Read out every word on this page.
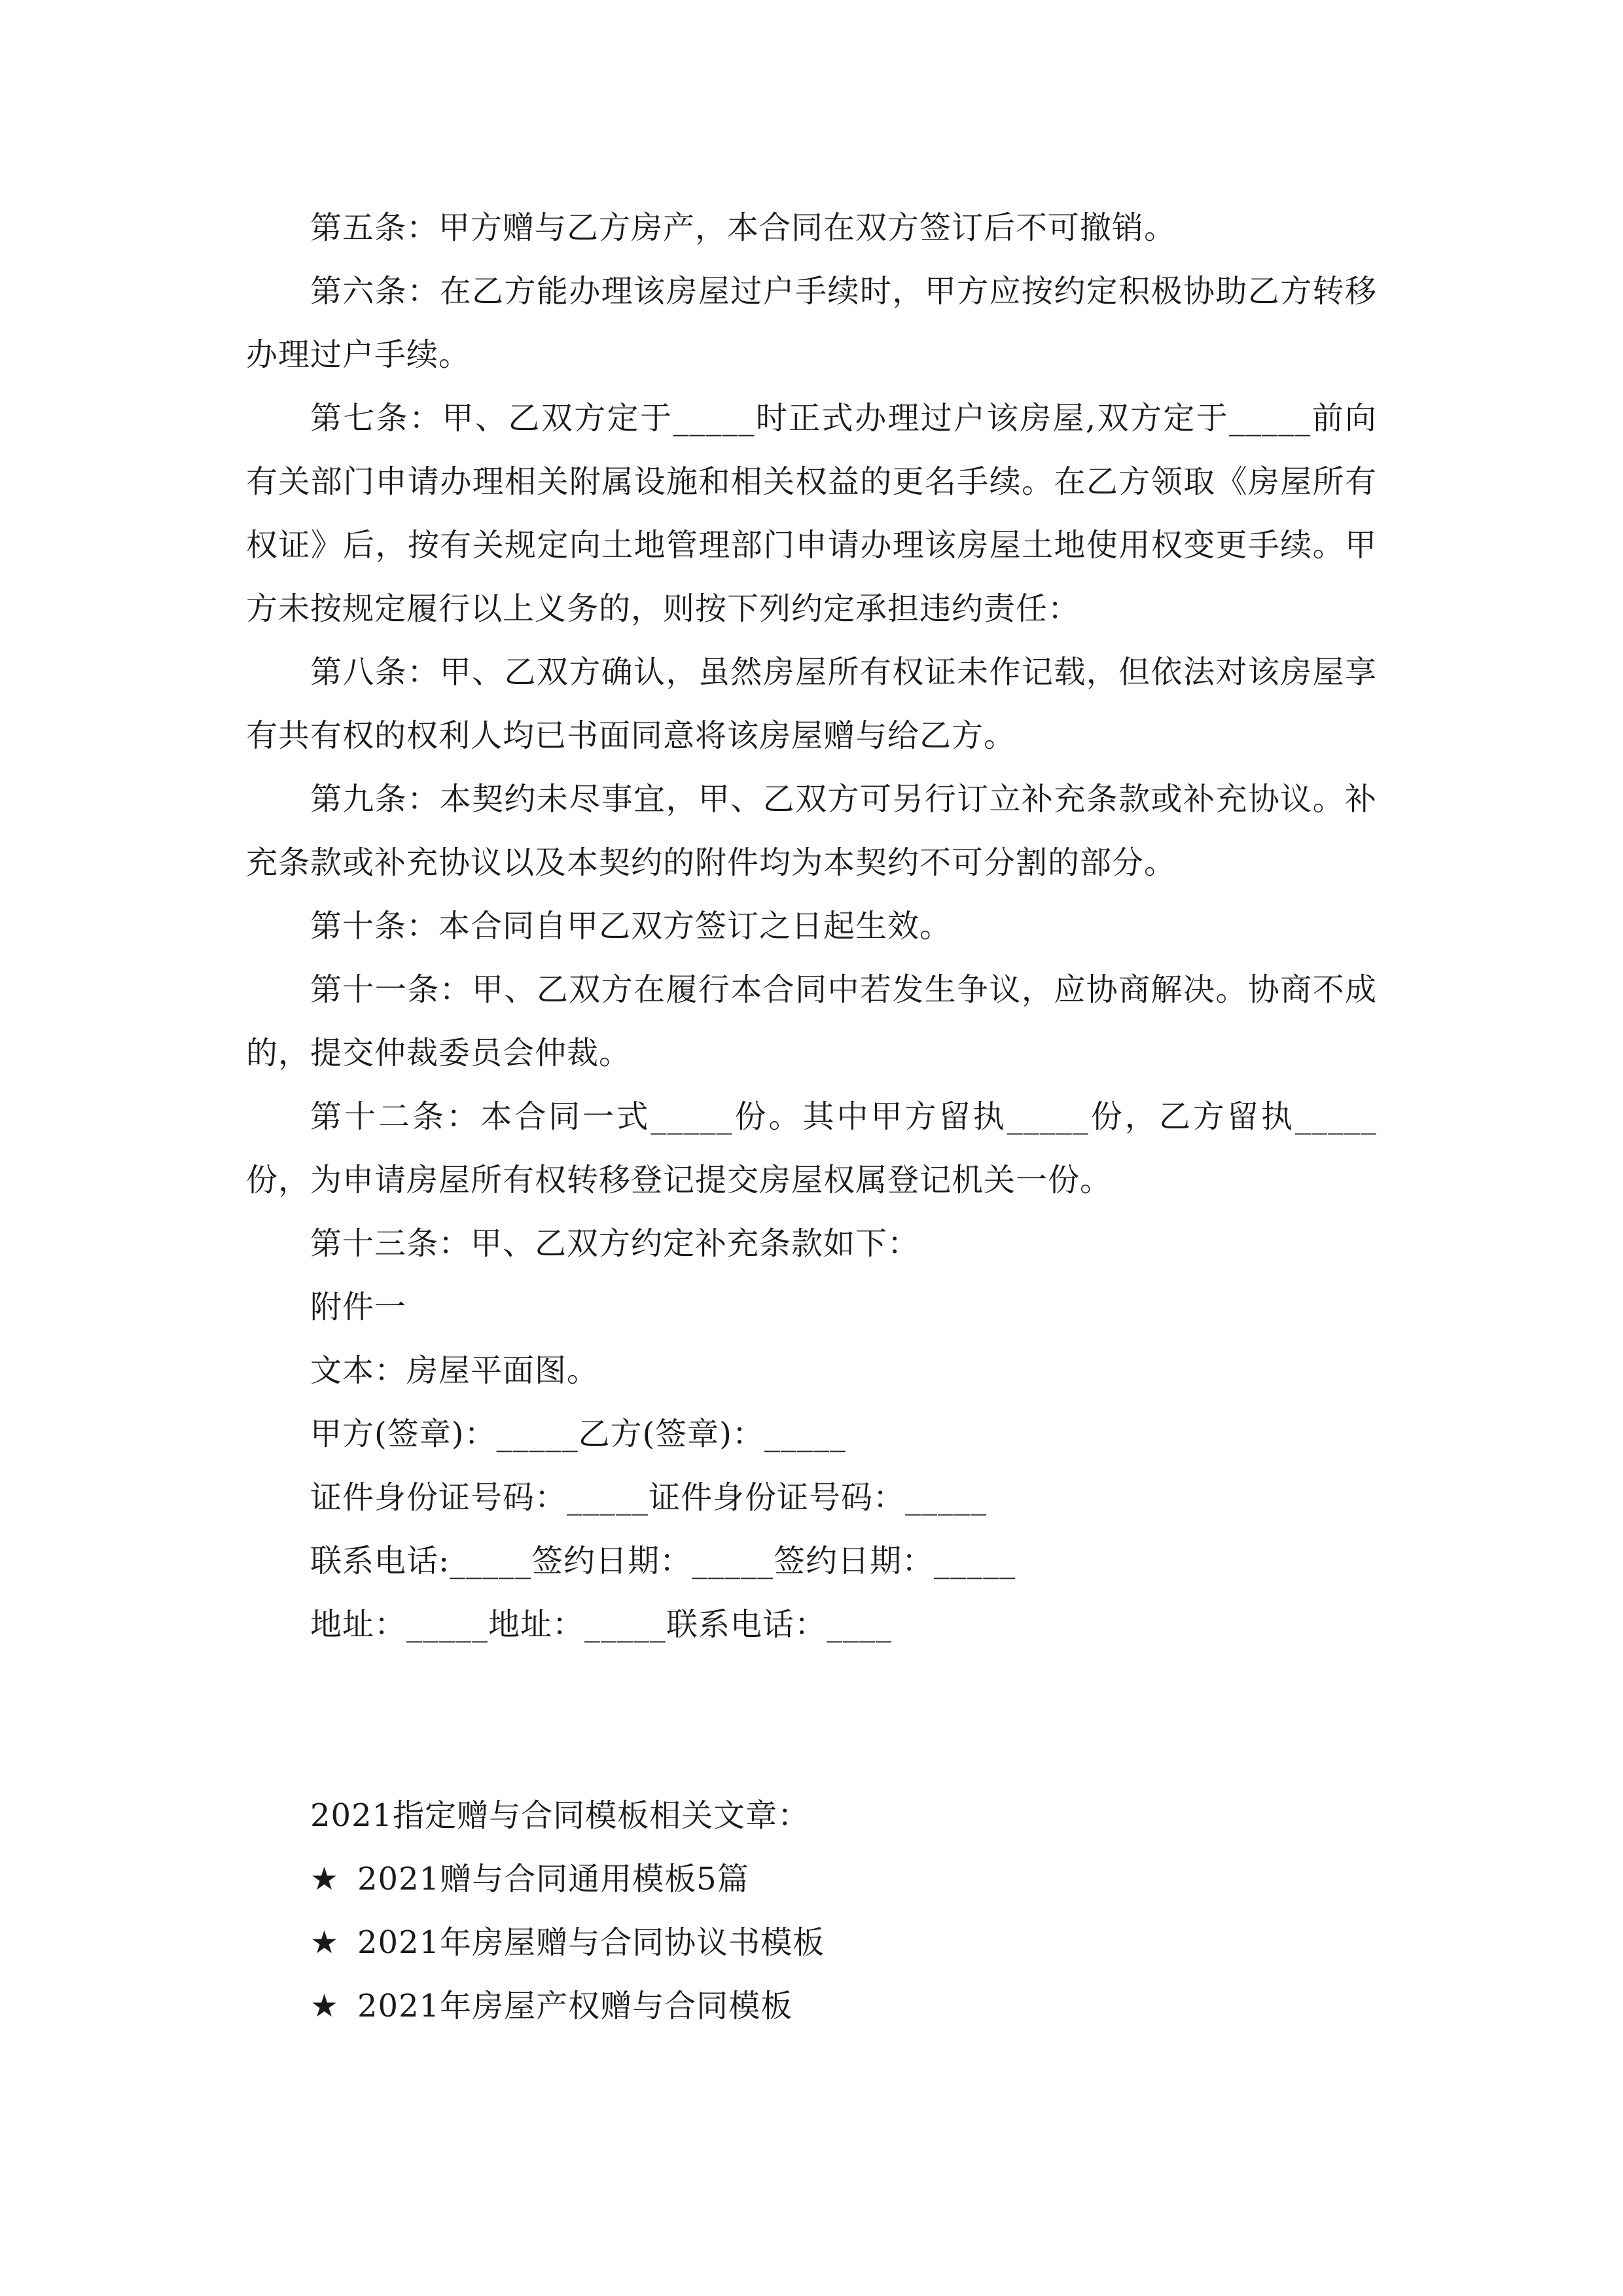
第五条：甲方赠与乙方房产，本合同在双方签订后不可撤销。

第六条：在乙方能办理该房屋过户手续时，甲方应按约定积极协助乙方转移办理过户手续。

第七条：甲、乙双方定于_____时正式办理过户该房屋,双方定于_____前向有关部门申请办理相关附属设施和相关权益的更名手续。在乙方领取《房屋所有权证》后，按有关规定向土地管理部门申请办理该房屋土地使用权变更手续。甲方未按规定履行以上义务的，则按下列约定承担违约责任：

第八条：甲、乙双方确认，虽然房屋所有权证未作记载，但依法对该房屋享有共有权的权利人均已书面同意将该房屋赠与给乙方。

第九条：本契约未尽事宜，甲、乙双方可另行订立补充条款或补充协议。补充条款或补充协议以及本契约的附件均为本契约不可分割的部分。

第十条：本合同自甲乙双方签订之日起生效。

第十一条：甲、乙双方在履行本合同中若发生争议，应协商解决。协商不成的，提交仲裁委员会仲裁。

第十二条：本合同一式_____份。其中甲方留执_____份，乙方留执_____份，为申请房屋所有权转移登记提交房屋权属登记机关一份。

第十三条：甲、乙双方约定补充条款如下：

附件一

文本：房屋平面图。

甲方(签章)：_____乙方(签章)：_____

证件身份证号码：_____证件身份证号码：_____

联系电话:_____签约日期：_____签约日期：_____

地址：_____地址：_____联系电话：____

2021指定赠与合同模板相关文章：

★ 2021赠与合同通用模板5篇

★ 2021年房屋赠与合同协议书模板

★ 2021年房屋产权赠与合同模板
